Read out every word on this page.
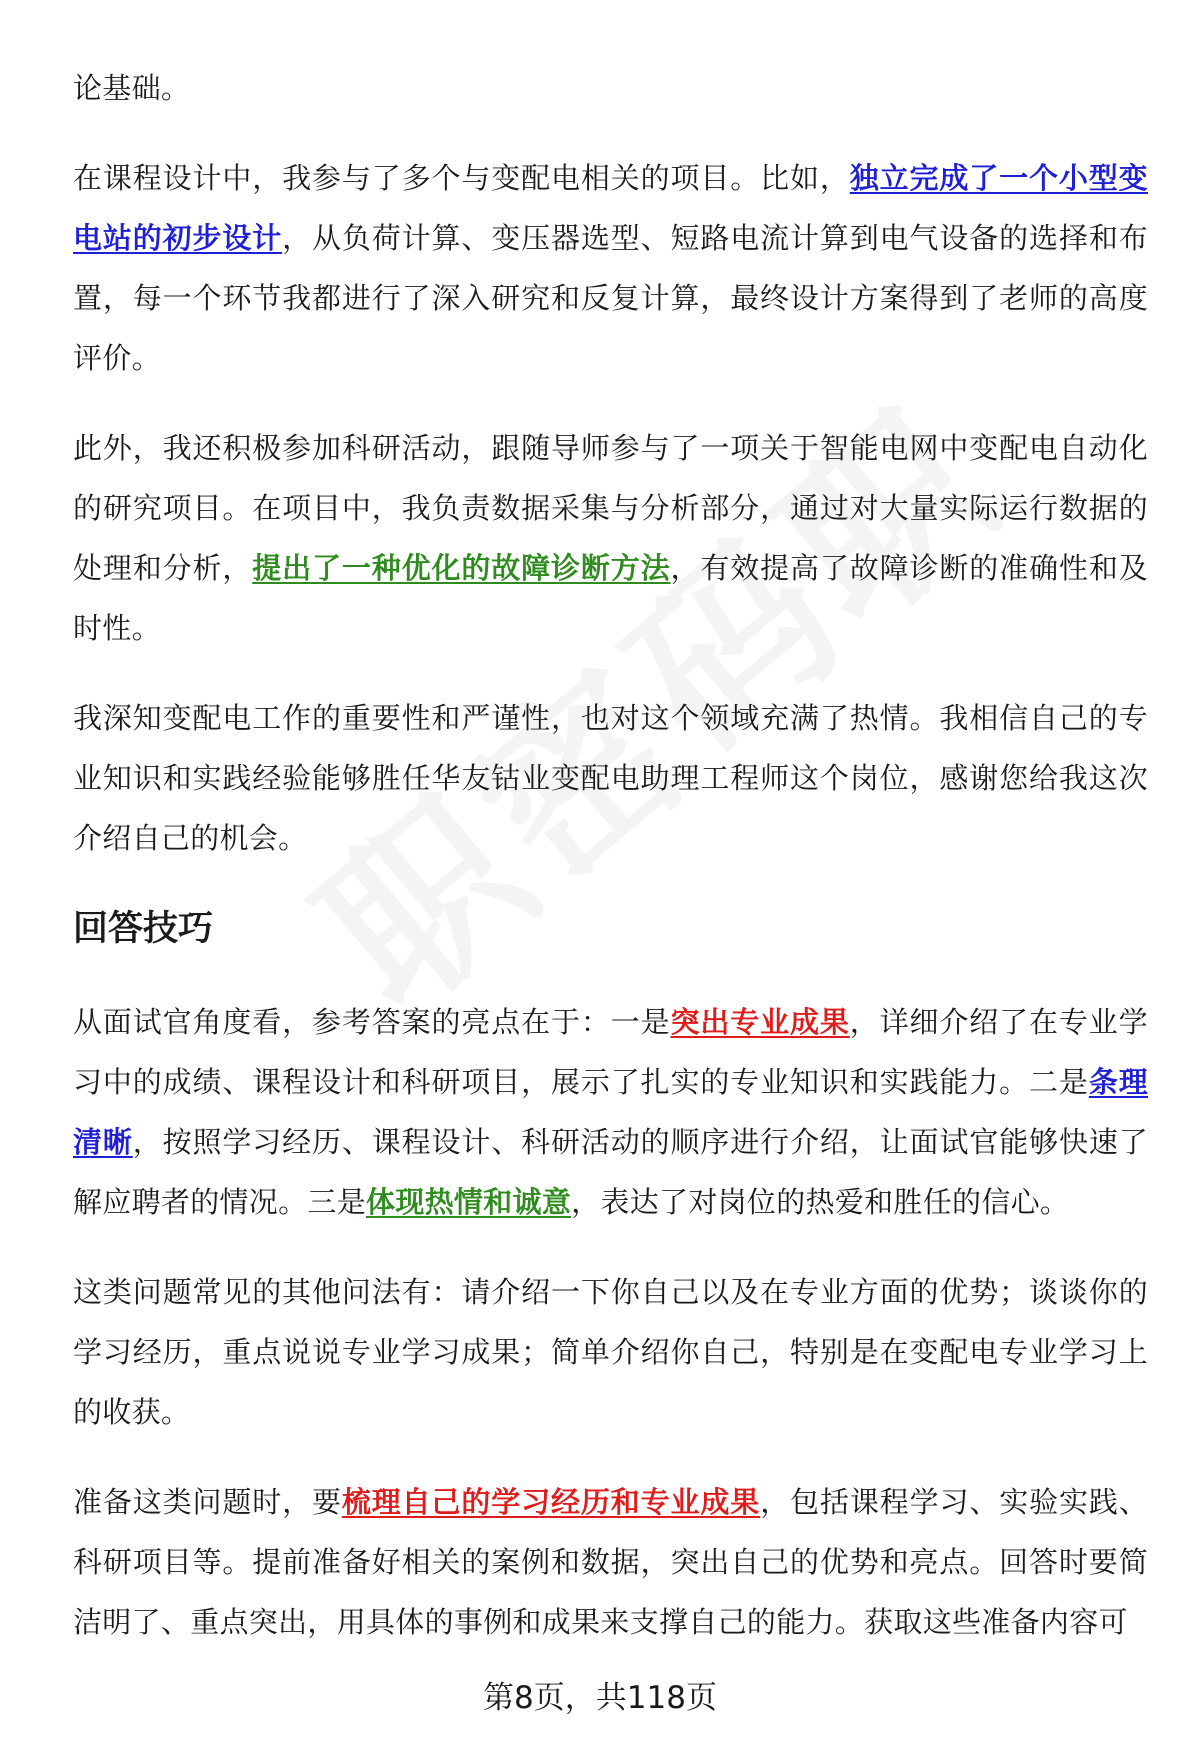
论基础。

在课程设计中，我参与了多个与变配电相关的项目。比如，独立完成了一个小型变电站的初步设计，从负荷计算、变压器选型、短路电流计算到电气设备的选择和布置，每一个环节我都进行了深入研究和反复计算，最终设计方案得到了老师的高度评价。

此外，我还积极参加科研活动，跟随导师参与了一项关于智能电网中变配电自动化的研究项目。在项目中，我负责数据采集与分析部分，通过对大量实际运行数据的处理和分析，提出了一种优化的故障诊断方法，有效提高了故障诊断的准确性和及时性。

我深知变配电工作的重要性和严谨性，也对这个领域充满了热情。我相信自己的专业知识和实践经验能够胜任华友钴业变配电助理工程师这个岗位，感谢您给我这次介绍自己的机会。

回答技巧

从面试官角度看，参考答案的亮点在于：一是突出专业成果，详细介绍了在专业学习中的成绩、课程设计和科研项目，展示了扎实的专业知识和实践能力。二是条理清晰，按照学习经历、课程设计、科研活动的顺序进行介绍，让面试官能够快速了解应聘者的情况。三是体现热情和诚意，表达了对岗位的热爱和胜任的信心。

这类问题常见的其他问法有：请介绍一下你自己以及在专业方面的优势；谈谈你的学习经历，重点说说专业学习成果；简单介绍你自己，特别是在变配电专业学习上的收获。

准备这类问题时，要梳理自己的学习经历和专业成果，包括课程学习、实验实践、科研项目等。提前准备好相关的案例和数据，突出自己的优势和亮点。回答时要简洁明了、重点突出，用具体的事例和成果来支撑自己的能力。获取这些准备内容可

第8页，共118页
